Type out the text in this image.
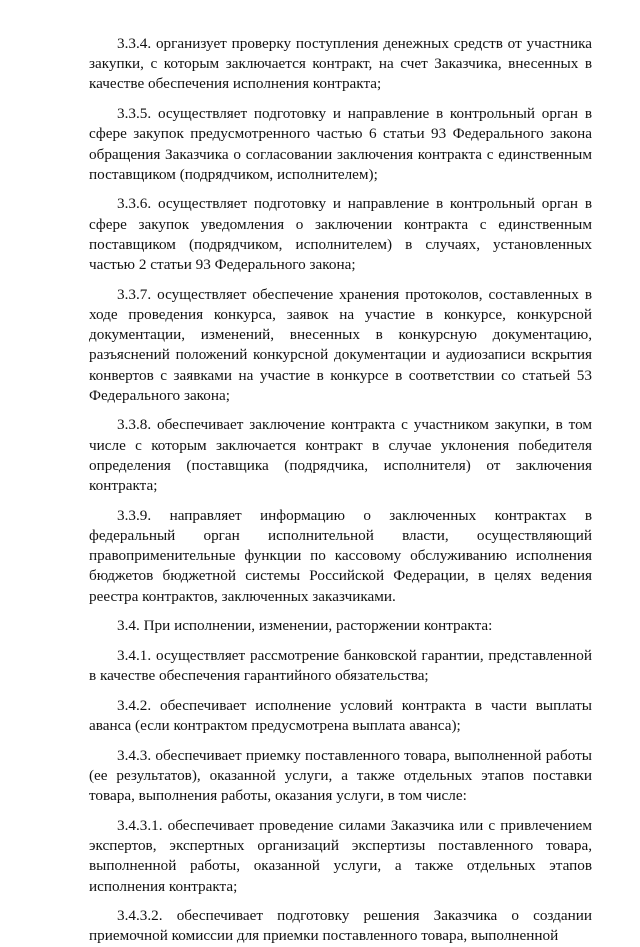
3.3.4. организует проверку поступления денежных средств от участника закупки, с которым заключается контракт, на счет Заказчика, внесенных в качестве обеспечения исполнения контракта;

3.3.5. осуществляет подготовку и направление в контрольный орган в сфере закупок предусмотренного частью 6 статьи 93 Федерального закона обращения Заказчика о согласовании заключения контракта с единственным поставщиком (подрядчиком, исполнителем);

3.3.6. осуществляет подготовку и направление в контрольный орган в сфере закупок уведомления о заключении контракта с единственным поставщиком (подрядчиком, исполнителем) в случаях, установленных частью 2 статьи 93 Федерального закона;

3.3.7. осуществляет обеспечение хранения протоколов, составленных в ходе проведения конкурса, заявок на участие в конкурсе, конкурсной документации, изменений, внесенных в конкурсную документацию, разъяснений положений конкурсной документации и аудиозаписи вскрытия конвертов с заявками на участие в конкурсе в соответствии со статьей 53 Федерального закона;

3.3.8. обеспечивает заключение контракта с участником закупки, в том числе с которым заключается контракт в случае уклонения победителя определения (поставщика (подрядчика, исполнителя) от заключения контракта;

3.3.9. направляет информацию о заключенных контрактах в федеральный орган исполнительной власти, осуществляющий правоприменительные функции по кассовому обслуживанию исполнения бюджетов бюджетной системы Российской Федерации, в целях ведения реестра контрактов, заключенных заказчиками.

3.4. При исполнении, изменении, расторжении контракта:

3.4.1. осуществляет рассмотрение банковской гарантии, представленной в качестве обеспечения гарантийного обязательства;

3.4.2. обеспечивает исполнение условий контракта в части выплаты аванса (если контрактом предусмотрена выплата аванса);

3.4.3. обеспечивает приемку поставленного товара, выполненной работы (ее результатов), оказанной услуги, а также отдельных этапов поставки товара, выполнения работы, оказания услуги, в том числе:

3.4.3.1. обеспечивает проведение силами Заказчика или с привлечением экспертов, экспертных организаций экспертизы поставленного товара, выполненной работы, оказанной услуги, а также отдельных этапов исполнения контракта;

3.4.3.2. обеспечивает подготовку решения Заказчика о создании приемочной комиссии для приемки поставленного товара, выполненной
